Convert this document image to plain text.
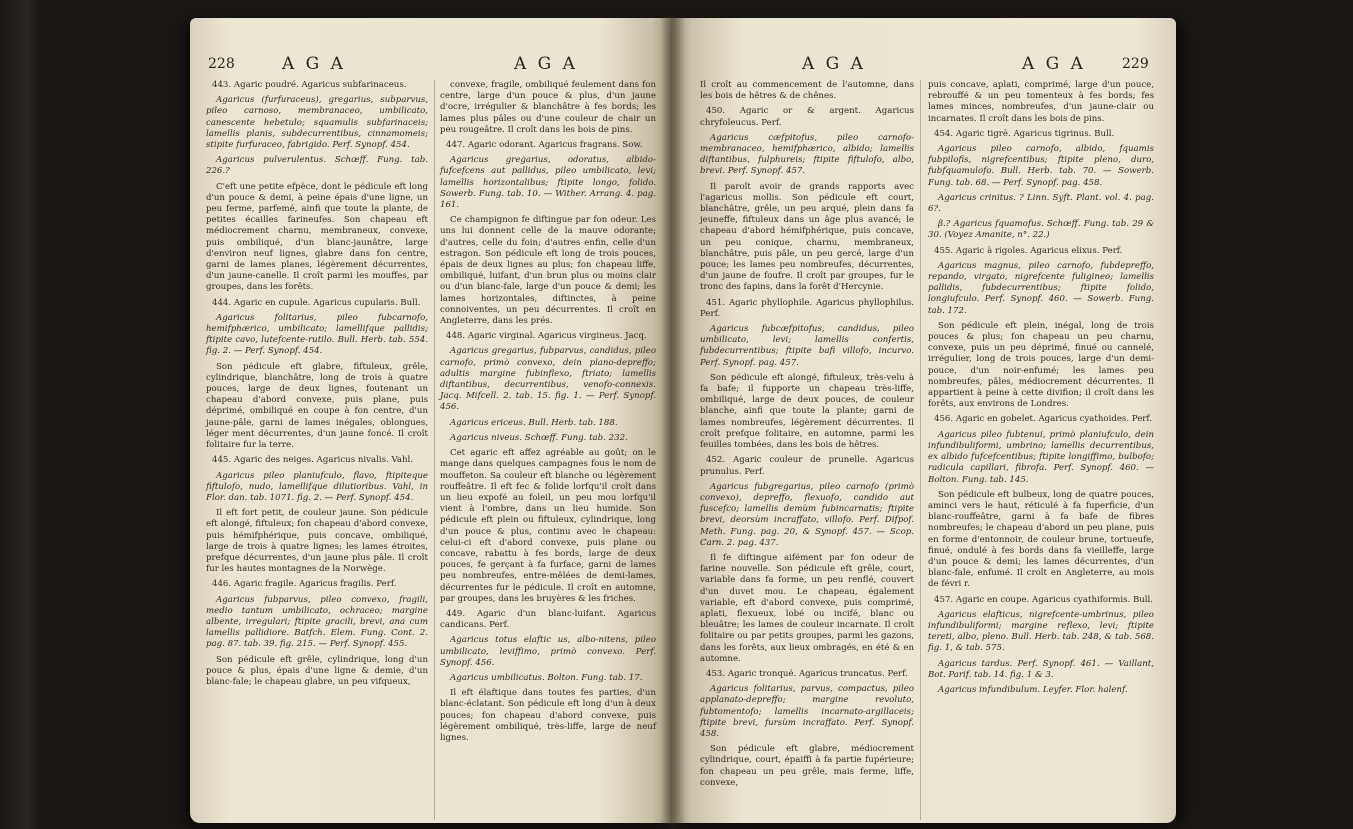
228	A G A	A G A

443. Agaric poudré. Agaricus subfarinaceus.

Agaricus (furfuraceus), gregarius, subparvus, pileo carnoso, membranaceo, umbilicato, canescente hebetulo; squamulis subfarinaceis; lamellis planis, subdecurrentibus, cinnamomeis; stipite furfuraceo, fabrigido. Perf. Synopf. 454.

Agaricus pulverulentus. Schœff. Fung. tab. 226.?

C'eft une petite efpèce, dont le pédicule eft long d'un pouce & demi, à peine épais d'une ligne, un peu ferme, parfemé, ainfi que toute la plante, de petites écailles farineufes. Son chapeau eft médiocrement charnu, membraneux, convexe, puis ombiliqué, d'un blanc-jaunâtre, large d'environ neuf lignes, glabre dans fon centre, garni de lames planes, légèrement décurrentes, d'un jaune-canelle. Il croît parmi les mouffes, par groupes, dans les forêts.

444. Agaric en cupule. Agaricus cupularis. Bull.

Agaricus folitarius, pileo fubcarnofo, hemifphærico, umbilicato; lamellifque pallidis; ftipite cavo, lutefcente-rutilo. Bull. Herb. tab. 554. fig. 2. — Perf. Synopf. 454.

Son pédicule eft glabre, fiftuleux, grêle, cylindrique, blanchâtre, long de trois à quatre pouces, large de deux lignes, foutenant un chapeau d'abord convexe, puis plane, puis déprimé, ombiliqué en coupe à fon centre, d'un jaune-pâle, garni de lames inégales, oblongues, léger ment décurrentes, d'un jaune foncé. Il croît folitaire fur la terre.

445. Agaric des neiges. Agaricus nivalis. Vahl.

Agaricus pileo planiufculo, flavo, ftipiteque fiftulofo, nudo, lamellifque dilutioribus. Vahl, in Flor. dan. tab. 1071. fig. 2. — Perf. Synopf. 454.

Il eft fort petit, de couleur jaune. Son pédicule eft alongé, fiftuleux; fon chapeau d'abord convexe, puis hémifphérique, puis concave, ombiliqué, large de trois à quatre lignes; les lames étroites, prefque décurrentes, d'un jaune plus pâle. Il croît fur les hautes montagnes de la Norwège.

446. Agaric fragile. Agaricus fragilis. Perf.

Agaricus fubparvus, pileo convexo, fragili, medio tantum umbilicato, ochraceo; margine albente, irregulari; ftipite gracili, brevi, ana cum lamellis pallidiore. Batfch. Elem. Fung. Cont. 2. pag. 87. tab. 39. fig. 215. — Perf. Synopf. 455.

Son pédicule eft grêle, cylindrique, long d'un pouce & plus, épais d'une ligne & demie, d'un blanc-fale; le chapeau glabre, un peu vifqueux,

convexe, fragile, ombiliqué feulement dans fon centre, large d'un pouce & plus, d'un jaune d'ocre, irrégulier & blanchâtre à fes bords; les lames plus pâles ou d'une couleur de chair un peu rougeâtre. Il croît dans les bois de pins.

447. Agaric odorant. Agaricus fragrans. Sow.

Agaricus gregarius, odoratus, albido-fufcefcens aut pallidus, pileo umbilicato, levi; lamellis horizontalibus; ftipite longo, folido. Sowerb. Fung. tab. 10. — Wither. Arrang. 4. pag. 161.

Ce champignon fe diftingue par fon odeur. Les uns lui donnent celle de la mauve odorante; d'autres, celle du foin; d'autres enfin, celle d'un estragon. Son pédicule eft long de trois pouces, épais de deux lignes au plus; fon chapeau liffe, ombiliqué, luifant, d'un brun plus ou moins clair ou d'un blanc-fale, large d'un pouce & demi; les lames horizontales, diftinctes, à peine connoiventes, un peu décurrentes. Il croît en Angleterre, dans les prés.

448. Agaric virginal. Agaricus virgineus. Jacq.

Agaricus gregarius, fubparvus, candidus, pileo carnofo, primò convexo, dein plano-depreffo; adultis margine fubinflexo, ftriato; lamellis diftantibus, decurrentibus, venofo-connexis. Jacq. Mifcell. 2. tab. 15. fig. 1. — Perf. Synopf. 456.

Agaricus ericeus. Bull. Herb. tab. 188.

Agaricus niveus. Schœff. Fung. tab. 232.

Cet agaric eft affez agréable au goût; on le mange dans quelques campagnes fous le nom de mouffeton. Sa couleur eft blanche ou légèrement rouffeâtre. Il eft fec & folide lorfqu'il croît dans un lieu expofé au foleil, un peu mou lorfqu'il vient à l'ombre, dans un lieu humide. Son pédicule eft plein ou fiftuleux, cylindrique, long d'un pouce & plus, continu avec le chapeau: celui-ci eft d'abord convexe, puis plane ou concave, rabattu à fes bords, large de deux pouces, fe gerçant à fa furface, garni de lames peu nombreufes, entre-mêlées de demi-lames, décurrentes fur le pédicule. Il croît en automne, par groupes, dans les bruyères & les friches.

449. Agaric d'un blanc-luifant. Agaricus candicans. Perf.

Agaricus totus elaftic us, albo-nitens, pileo umbilicato, leviffimo, primò convexo. Perf. Synopf. 456.

Agaricus umbilicatus. Bolton. Fung. tab. 17.

Il eft élaftique dans toutes fes parties, d'un blanc-éclatant. Son pédicule eft long d'un à deux pouces; fon chapeau d'abord convexe, puis légèrement ombiliqué, très-liffe, large de neuf lignes.

A G A	A G A	229

Il croît au commencement de l'automne, dans les bois de hêtres & de chênes.

450. Agaric or & argent. Agaricus chryfoleucus. Perf.

Agaricus cæfpitofus, pileo carnofo-membranaceo, hemifphærico, albido; lamellis diftantibus, fulphureis; ftipite fiftulofo, albo, brevi. Perf. Synopf. 457.

Il paroît avoir de grands rapports avec l'agaricus mollis. Son pédicule eft court, blanchâtre, grêle, un peu arqué, plein dans fa jeuneffe, fiftuleux dans un âge plus avancé; le chapeau d'abord hémifphérique, puis concave, un peu conique, charnu, membraneux, blanchâtre, puis pâle, un peu gercé, large d'un pouce; les lames peu nombreufes, décurrentes, d'un jaune de foufre. Il croît par groupes, fur le tronc des fapins, dans la forêt d'Hercynie.

451. Agaric phyllophile. Agaricus phyllophilus. Perf.

Agaricus fubcæfpitofus, candidus, pileo umbilicato, levi; lamellis confertis, fubdecurrentibus; ftipite bafi villofo, incurvo. Perf. Synopf. pag. 457.

Son pédicule eft alongé, fiftuleux, très-velu à fa bafe; il fupporte un chapeau très-liffe, ombiliqué, large de deux pouces, de couleur blanche, ainfi que toute la plante; garni de lames nombreufes, légèrement décurrentes. Il croît prefque folitaire, en automne, parmi les feuilles tombées, dans les bois de hêtres.

452. Agaric couleur de prunelle. Agaricus prunulus. Perf.

Agaricus fubgregarius, pileo carnofo (primò convexo), depreffo, flexuofo, candido aut fuscefco; lamellis demùm fubincarnatis; ftipite brevi, deorsùm incraffato, villofo. Perf. Difpof. Meth. Fung. pag. 20, & Synopf. 457. — Scop. Carn. 2. pag. 437.

Il fe diftingue aifément par fon odeur de farine nouvelle. Son pédicule eft grêle, court, variable dans fa forme, un peu renflé, couvert d'un duvet mou. Le chapeau, également variable, eft d'abord convexe, puis comprimé, aplati, flexueux, lobé ou incifé, blanc ou bleuâtre; les lames de couleur incarnate. Il croît folitaire ou par petits groupes, parmi les gazons, dans les forêts, aux lieux ombragés, en été & en automne.

453. Agaric tronqué. Agaricus truncatus. Perf.

Agaricus folitarius, parvus, compactus, pileo applanato-depreffo; margine revoluto, fubtomentofo; lamellis incarnato-argillaceis; ftipite brevi, fursùm incraffato. Perf. Synopf. 458.

Son pédicule eft glabre, médiocrement cylindrique, court, épaiffi à fa partie fupérieure; fon chapeau un peu grêle, mais ferme, liffe, convexe,

puis concave, aplati, comprimé, large d'un pouce, rebrouffé & un peu tomenteux à fes bords; fes lames minces, nombreufes, d'un jaune-clair ou incarnates. Il croît dans les bois de pins.

454. Agaric tigré. Agaricus tigrinus. Bull.

Agaricus pileo carnofo, albido, fquamis fubpilofis, nigrefcentibus; ftipite pleno, duro, fubfquamulofo. Bull. Herb. tab. 70. — Sowerb. Fung. tab. 68. — Perf. Synopf. pag. 458.

Agaricus crinitus. ? Linn. Syft. Plant. vol. 4. pag. 6?.

β.? Agaricus fquamofus. Schœff. Fung. tab. 29 & 30. (Voyez Amanite, n°. 22.)

455. Agaric à rigoles. Agaricus elixus. Perf.

Agaricus magnus, pileo carnofo, fubdepreffo, repando, virgato, nigrefcente fuligineo; lamellis pallidis, fubdecurrentibus; ftipite folido, longiufculo. Perf. Synopf. 460. — Sowerb. Fung. tab. 172.

Son pédicule eft plein, inégal, long de trois pouces & plus; fon chapeau un peu charnu, convexe, puis un peu déprimé, finué ou cannelé, irrégulier, long de trois pouces, large d'un demi-pouce, d'un noir-enfumé; les lames peu nombreufes, pâles, médiocrement décurrentes. Il appartient à peine à cette divifion; il croît dans les forêts, aux environs de Londres.

456. Agaric en gobelet. Agaricus cyathoides. Perf.

Agaricus pileo fubtenui, primò planiufculo, dein infundibuliformi, umbrino; lamellis decurrentibus, ex albido fufcefcentibus; ftipite longiffimo, bulbofo; radicula capillari, fibrofa. Perf. Synopf. 460. — Bolton. Fung. tab. 145.

Son pédicule eft bulbeux, long de quatre pouces, aminci vers le haut, réticulé à fa fuperficie, d'un blanc-rouffeâtre, garni à fa bafe de fibres nombreufes; le chapeau d'abord un peu plane, puis en forme d'entonnoir, de couleur brune, tortueufe, finué, ondulé à fes bords dans fa vieilleffe, large d'un pouce & demi; les lames décurrentes, d'un blanc-fale, enfumé. Il croît en Angleterre, au mois de févri r.

457. Agaric en coupe. Agaricus cyathiformis. Bull.

Agaricus elafticus, nigrefcente-umbrinus, pileo infundibuliformi; margine reflexo, levi; ftipite tereti, albo, pleno. Bull. Herb. tab. 248, & tab. 568. fig. 1, & tab. 575.

Agaricus tardus. Perf. Synopf. 461. — Vaillant, Bot. Parif. tab. 14. fig. 1 & 3.

Agaricus infundibulum. Leyfer. Flor. halenf.
